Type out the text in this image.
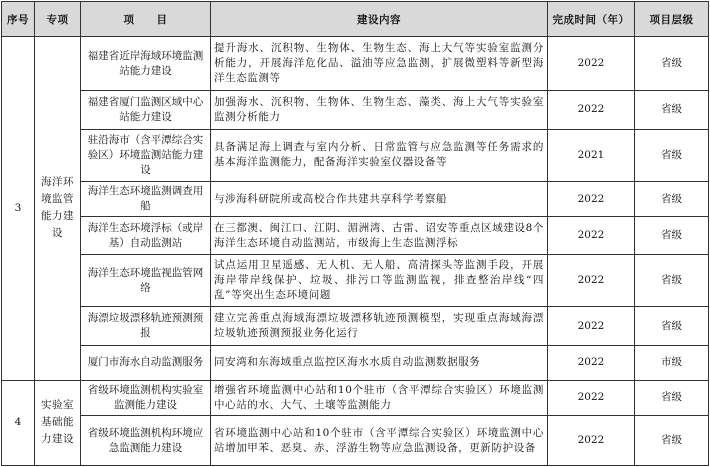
序号	专项	项　　目	建设内容	完成时间（年）	项目层级
3	海洋环境监管能力建设	福建省近岸海域环境监测站能力建设	提升海水、沉积物、生物体、生物生态、海上大气等实验室监测分析能力，开展海洋危化品、溢油等应急监测，扩展微塑料等新型海洋生态监测等	2022	省级
		福建省厦门监测区域中心站能力建设	加强海水、沉积物、生物体、生物生态、藻类、海上大气等实验室监测分析能力	2022	省级
		驻沿海市（含平潭综合实验区）环境监测站能力建设	具备满足海上调查与室内分析、日常监管与应急监测等任务需求的基本海洋监测能力，配备海洋实验室仪器设备等	2021	省级
		海洋生态环境监测调查用船	与涉海科研院所或高校合作共建共享科学考察船	2022	省级
		海洋生态环境浮标（或岸基）自动监测站	在三都澳、闽江口、江阴、湄洲湾、古雷、诏安等重点区域建设8个海洋生态环境自动监测站，市级海上生态监测浮标	2022	省级
		海洋生态环境监视监管网络	试点运用卫星遥感、无人机、无人船、高清探头等监测手段，开展海岸带岸线保护、垃圾、排污口等监测监视，排查整治岸线“四乱”等突出生态环境问题	2022	省级
		海漂垃圾漂移轨迹预测预报	建立完善重点海域海漂垃圾漂移轨迹预测模型，实现重点海域海漂垃圾轨迹预测预报业务化运行	2022	省级
		厦门市海水自动监测服务	同安湾和东海域重点监控区海水水质自动监测数据服务	2022	市级
4	实验室基础能力建设	省级环境监测机构实验室监测能力建设	增强省环境监测中心站和10个驻市（含平潭综合实验区）环境监测中心站的水、大气、土壤等监测能力	2022	省级
		省级环境监测机构环境应急监测能力建设	省环境监测中心站和10个驻市（含平潭综合实验区）环境监测中心站增加甲苯、恶臭、赤、浮游生物等应急监测设备，更新防护设备	2022	省级
